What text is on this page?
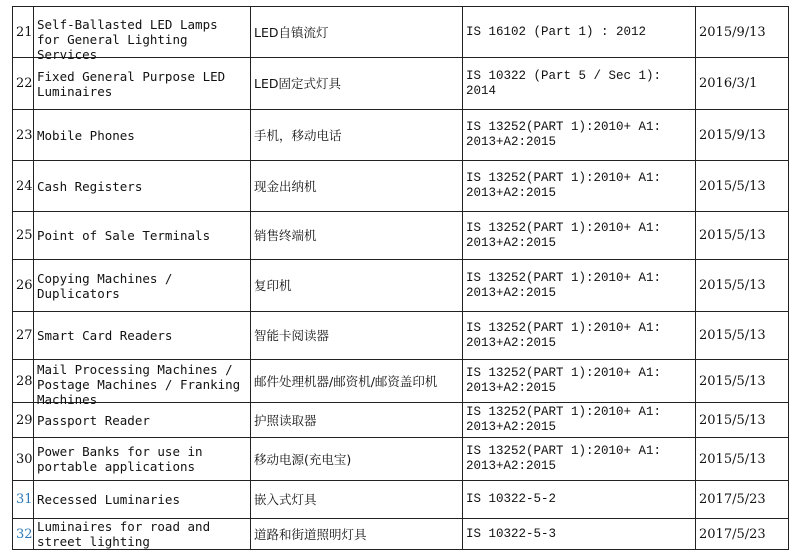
21	Self-Ballasted LED Lamps for General Lighting Services	LED自镇流灯	IS 16102 (Part 1) : 2012	2015/9/13
22	Fixed General Purpose LED Luminaires	LED固定式灯具	IS 10322 (Part 5 / Sec 1): 2014	2016/3/1
23	Mobile Phones	手机，移动电话	IS 13252(PART 1):2010+ A1: 2013+A2:2015	2015/9/13
24	Cash Registers	现金出纳机	IS 13252(PART 1):2010+ A1: 2013+A2:2015	2015/5/13
25	Point of Sale Terminals	销售终端机	IS 13252(PART 1):2010+ A1: 2013+A2:2015	2015/5/13
26	Copying Machines / Duplicators	复印机	IS 13252(PART 1):2010+ A1: 2013+A2:2015	2015/5/13
27	Smart Card Readers	智能卡阅读器	IS 13252(PART 1):2010+ A1: 2013+A2:2015	2015/5/13
28	Mail Processing Machines / Postage Machines / Franking Machines	邮件处理机器/邮资机/邮资盖印机	IS 13252(PART 1):2010+ A1: 2013+A2:2015	2015/5/13
29	Passport Reader	护照读取器	IS 13252(PART 1):2010+ A1: 2013+A2:2015	2015/5/13
30	Power Banks for use in portable applications	移动电源(充电宝)	IS 13252(PART 1):2010+ A1: 2013+A2:2015	2015/5/13
31	Recessed Luminaries	嵌入式灯具	IS 10322-5-2	2017/5/23
32	Luminaires for road and street lighting	道路和街道照明灯具	IS 10322-5-3	2017/5/23
